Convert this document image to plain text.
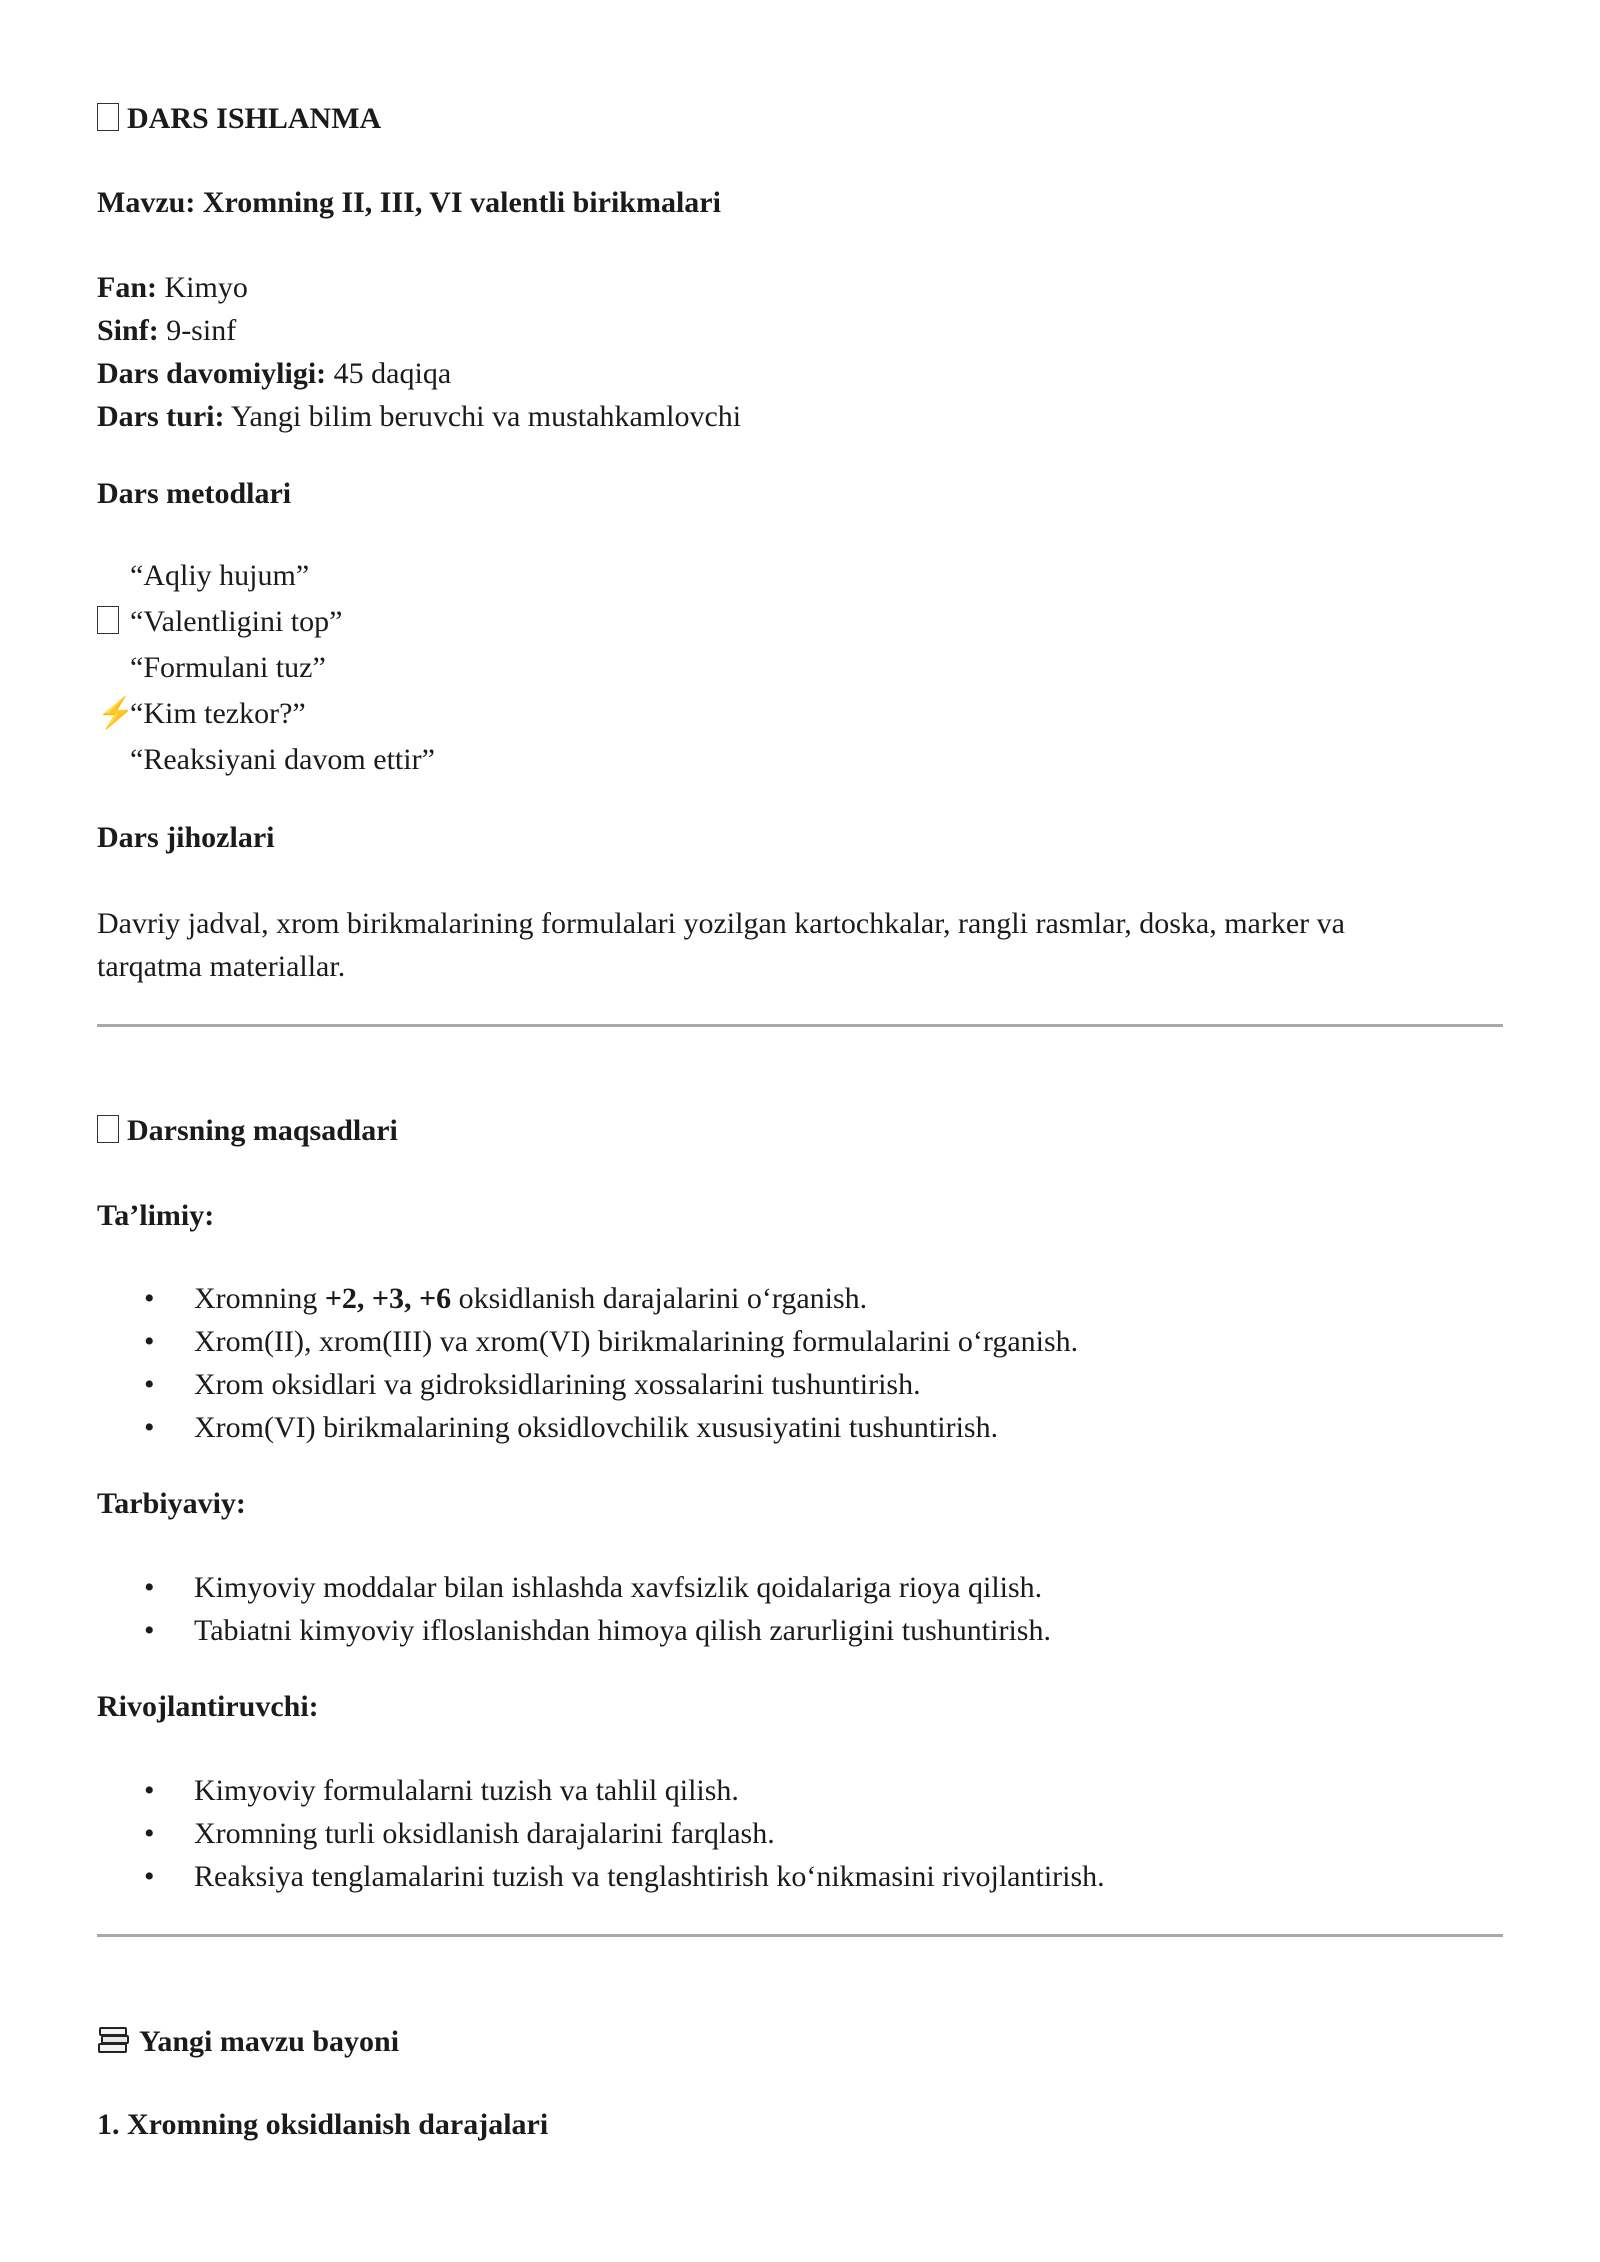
DARS ISHLANMA

Mavzu: Xromning II, III, VI valentli birikmalari

Fan: Kimyo
Sinf: 9-sinf
Dars davomiyligi: 45 daqiqa
Dars turi: Yangi bilim beruvchi va mustahkamlovchi

Dars metodlari

“Aqliy hujum”
“Valentligini top”
“Formulani tuz”
⚡
“Kim tezkor?”
“Reaksiyani davom ettir”

Dars jihozlari

Davriy jadval, xrom birikmalarining formulalari yozilgan kartochkalar, rangli rasmlar, doska, marker va
tarqatma materiallar.

Darsning maqsadlari

Ta’limiy:

• Xromning +2, +3, +6 oksidlanish darajalarini o‘rganish.
• Xrom(II), xrom(III) va xrom(VI) birikmalarining formulalarini o‘rganish.
• Xrom oksidlari va gidroksidlarining xossalarini tushuntirish.
• Xrom(VI) birikmalarining oksidlovchilik xususiyatini tushuntirish.

Tarbiyaviy:

• Kimyoviy moddalar bilan ishlashda xavfsizlik qoidalariga rioya qilish.
• Tabiatni kimyoviy ifloslanishdan himoya qilish zarurligini tushuntirish.

Rivojlantiruvchi:

• Kimyoviy formulalarni tuzish va tahlil qilish.
• Xromning turli oksidlanish darajalarini farqlash.
• Reaksiya tenglamalarini tuzish va tenglashtirish ko‘nikmasini rivojlantirish.

Yangi mavzu bayoni

1. Xromning oksidlanish darajalari
